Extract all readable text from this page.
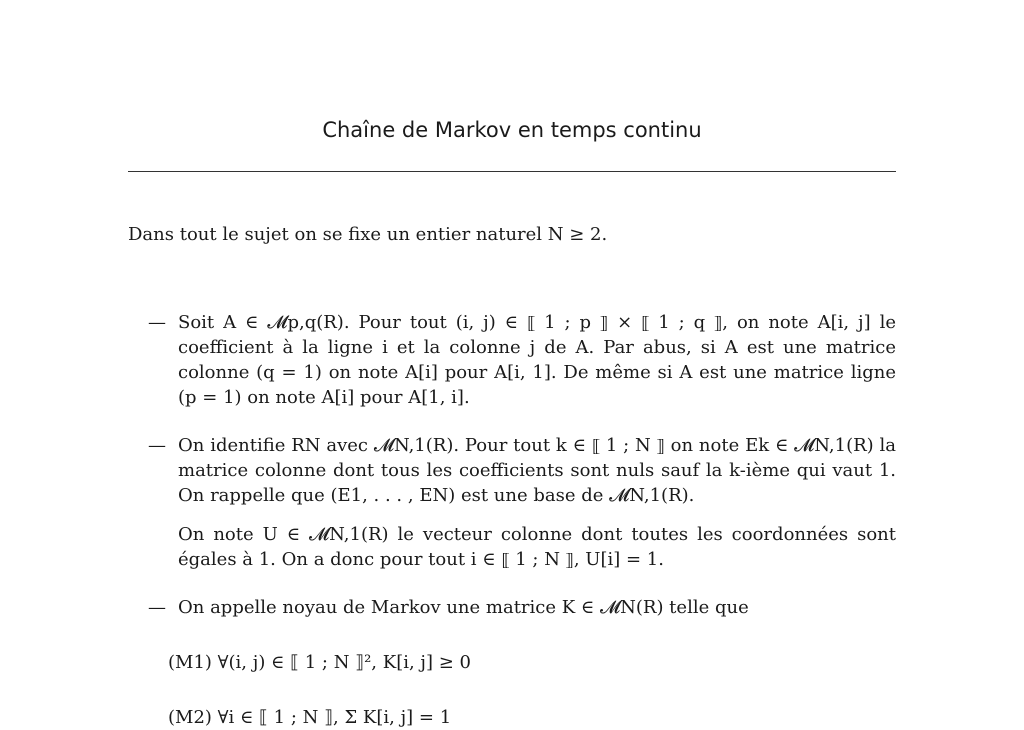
Chaîne de Markov en temps continu
Dans tout le sujet on se fixe un entier naturel N ≥ 2.
— Soit A ∈ 𝓜p,q(R). Pour tout (i, j) ∈ ⟦ 1 ; p ⟧ × ⟦ 1 ; q ⟧, on note A[i, j] le coefficient à la ligne i et la colonne j de A. Par abus, si A est une matrice colonne (q = 1) on note A[i] pour A[i, 1]. De même si A est une matrice ligne (p = 1) on note A[i] pour A[1, i].
— On identifie RN avec 𝓜N,1(R). Pour tout k ∈ ⟦ 1 ; N ⟧ on note Ek ∈ 𝓜N,1(R) la matrice colonne dont tous les coefficients sont nuls sauf la k-ième qui vaut 1. On rappelle que (E1, . . . , EN) est une base de 𝓜N,1(R).
On note U ∈ 𝓜N,1(R) le vecteur colonne dont toutes les coordonnées sont égales à 1. On a donc pour tout i ∈ ⟦ 1 ; N ⟧, U[i] = 1.
— On appelle noyau de Markov une matrice K ∈ 𝓜N(R) telle que
(M1) ∀(i, j) ∈ ⟦ 1 ; N ⟧², K[i, j] ≥ 0
(M2) ∀i ∈ ⟦ 1 ; N ⟧, Σ K[i, j] = 1
